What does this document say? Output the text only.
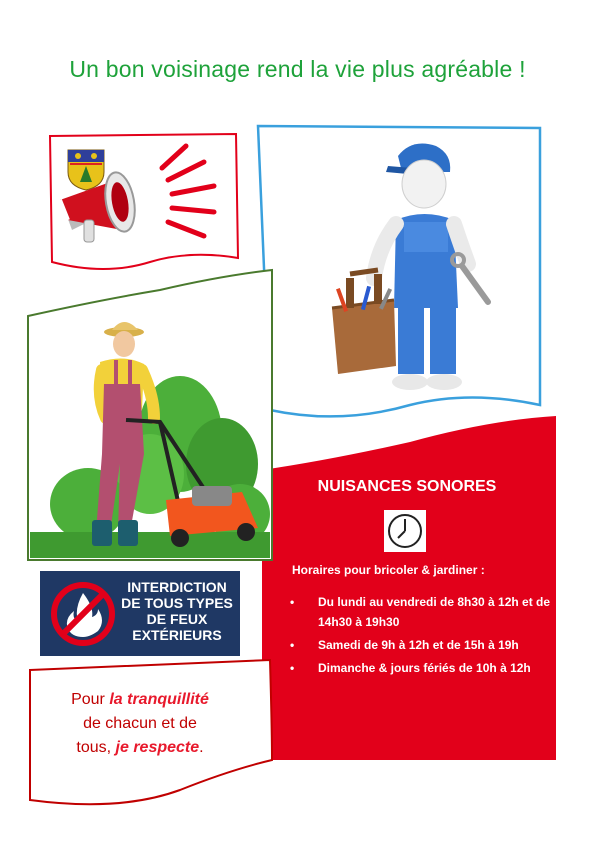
Un bon voisinage rend la vie plus agréable !
INTERDICTION
DE TOUS TYPES
DE FEUX
EXTÉRIEURS
NUISANCES SONORES
Horaires pour bricoler & jardiner :
• Du lundi au vendredi de 8h30 à 12h et de 14h30 à 19h30
• Samedi de 9h à 12h et de 15h à 19h
• Dimanche & jours fériés de 10h à 12h
Pour la tranquillité
de chacun et de
tous, je respecte.
